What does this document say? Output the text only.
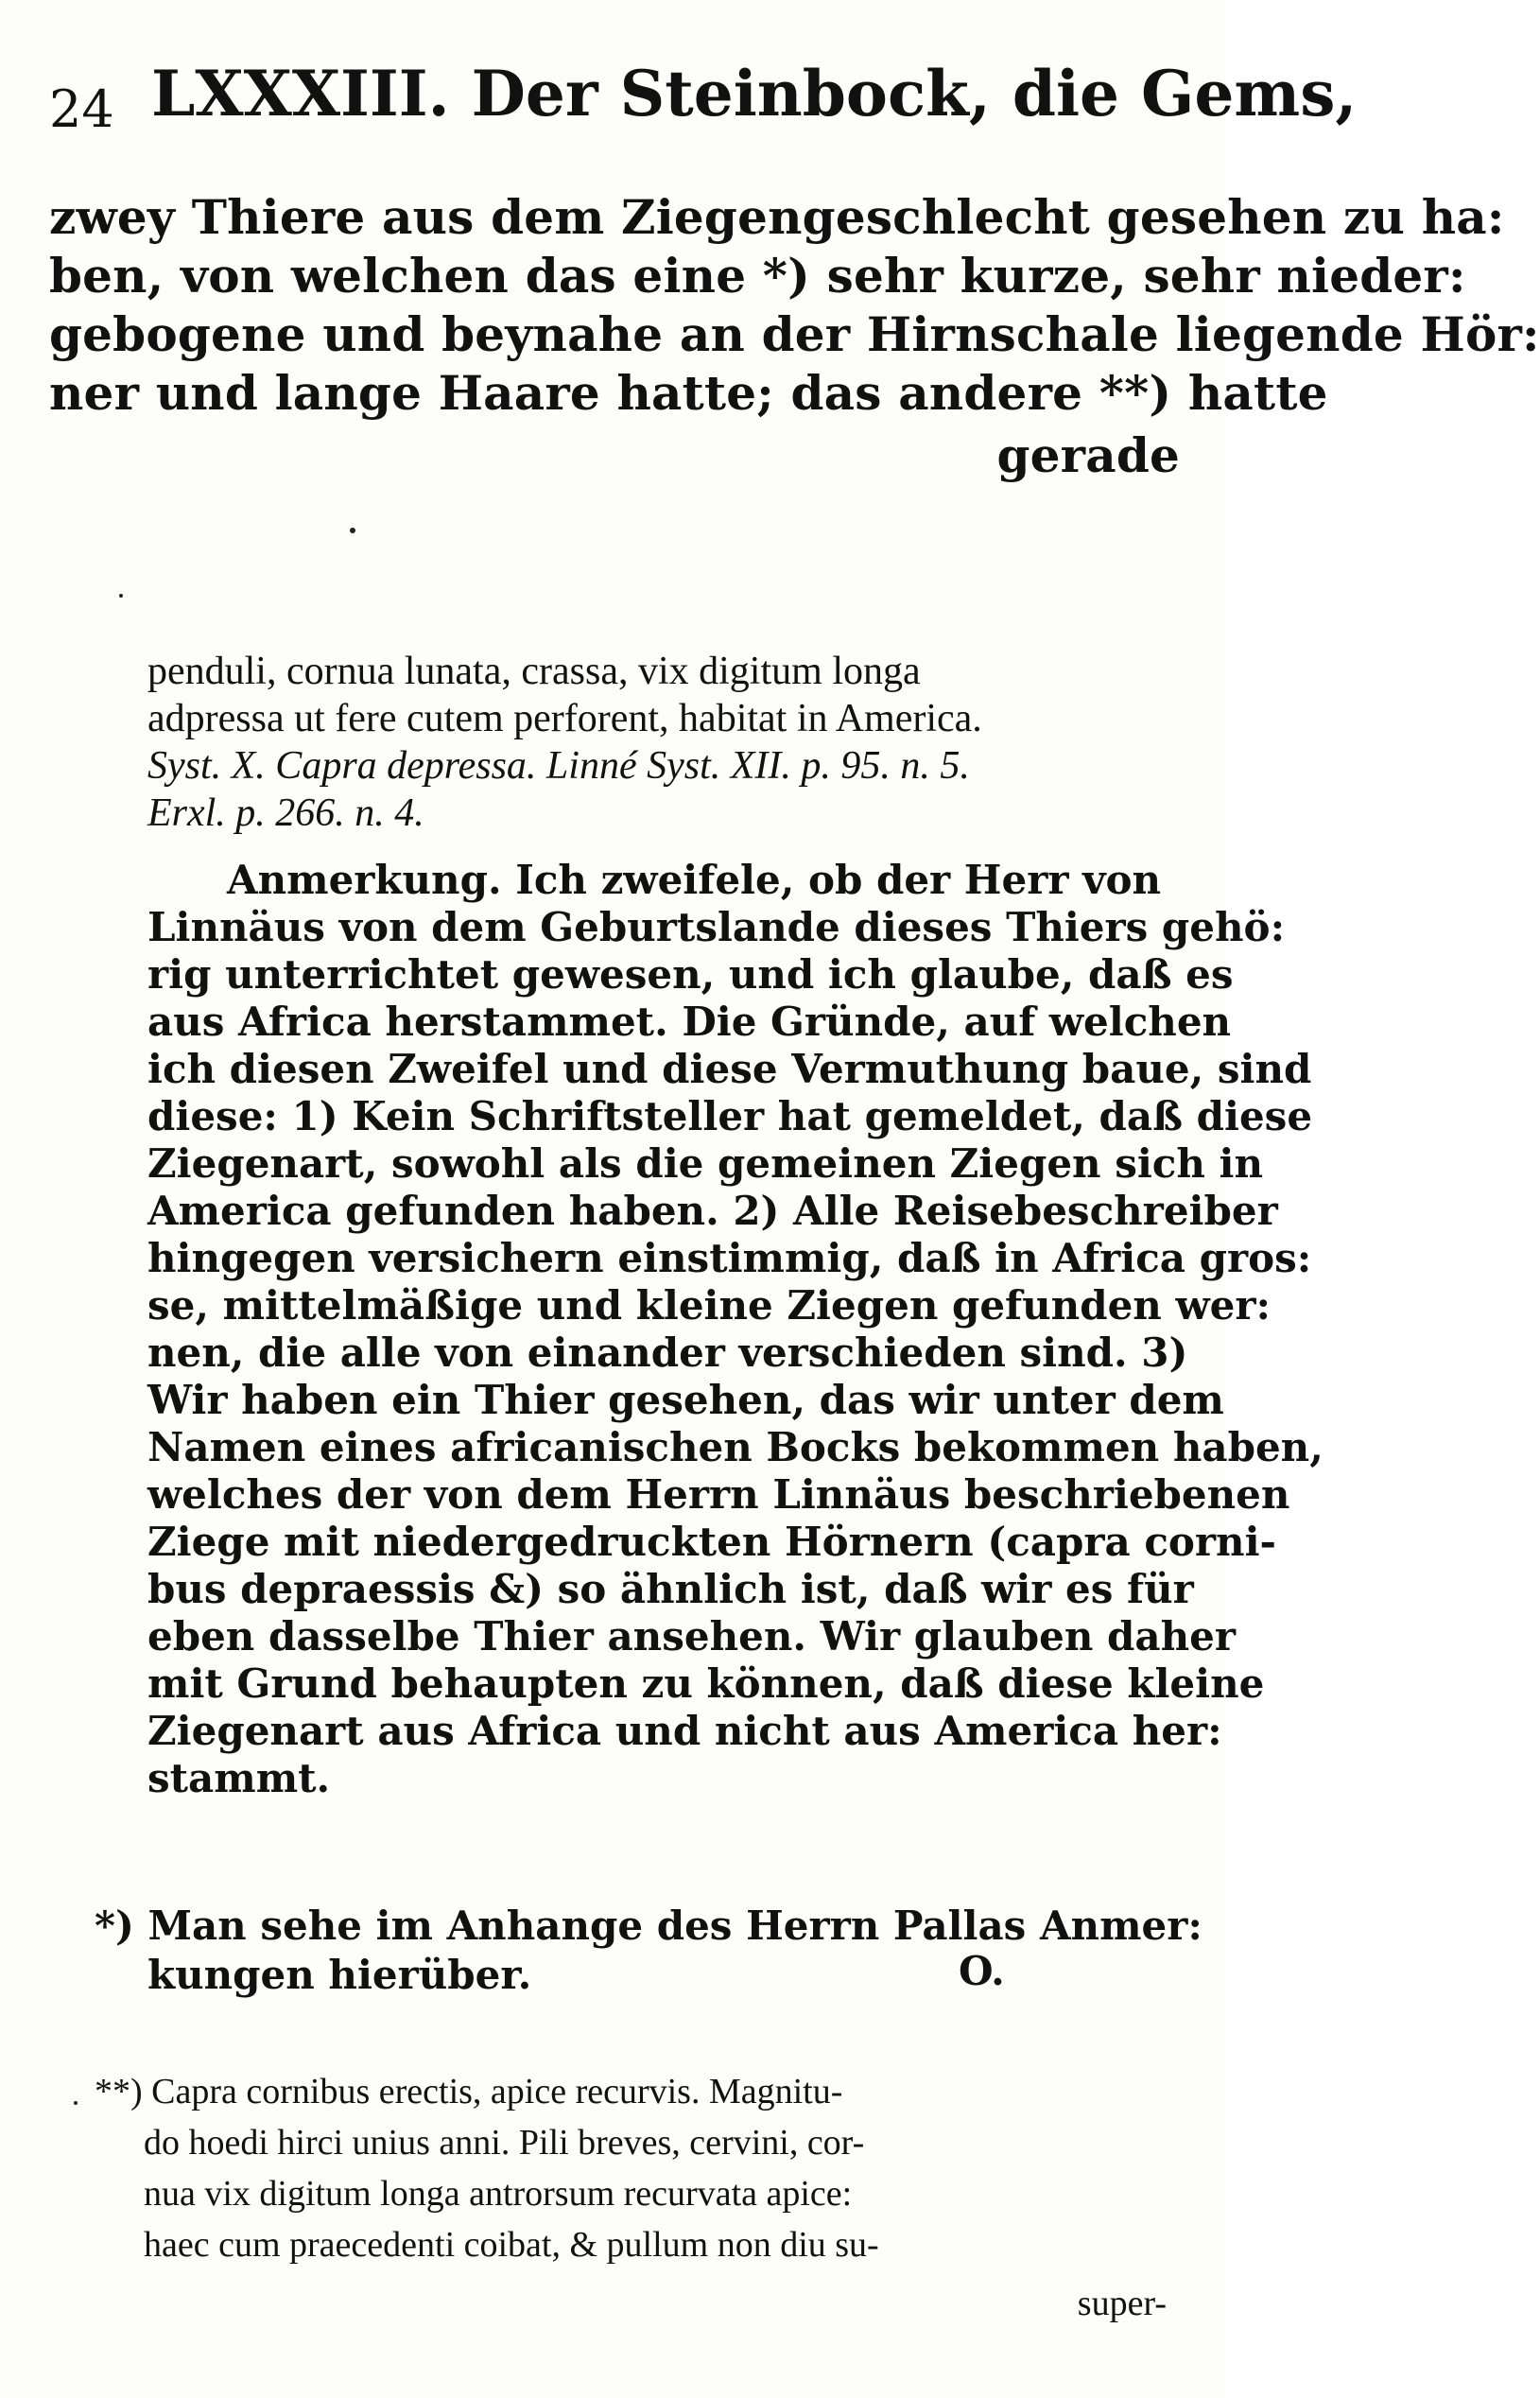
24 LXXXIII. Der Steinbock, die Gems,
zwey Thiere aus dem Ziegengeschlecht gesehen zu ha:
ben, von welchen das eine *) sehr kurze, sehr nieder:
gebogene und beynahe an der Hirnschale liegende Hör:
ner und lange Haare hatte; das andere **) hatte
gerade
penduli, cornua lunata, crassa, vix digitum longa
adpressa ut fere cutem perforent, habitat in America.
Syst. X. Capra depressa. Linné Syst. XII. p. 95. n. 5.
Erxl. p. 266. n. 4.
Anmerkung. Ich zweifele, ob der Herr von
Linnäus von dem Geburtslande dieses Thiers gehö:
rig unterrichtet gewesen, und ich glaube, daß es
aus Africa herstammet. Die Gründe, auf welchen
ich diesen Zweifel und diese Vermuthung baue, sind
diese: 1) Kein Schriftsteller hat gemeldet, daß diese
Ziegenart, sowohl als die gemeinen Ziegen sich in
America gefunden haben. 2) Alle Reisebeschreiber
hingegen versichern einstimmig, daß in Africa gros:
se, mittelmäßige und kleine Ziegen gefunden wer:
nen, die alle von einander verschieden sind. 3)
Wir haben ein Thier gesehen, das wir unter dem
Namen eines africanischen Bocks bekommen haben,
welches der von dem Herrn Linnäus beschriebenen
Ziege mit niedergedruckten Hörnern (capra corni-
bus depraessis &) so ähnlich ist, daß wir es für
eben dasselbe Thier ansehen. Wir glauben daher
mit Grund behaupten zu können, daß diese kleine
Ziegenart aus Africa und nicht aus America her:
stammt.
*) Man sehe im Anhange des Herrn Pallas Anmer:
kungen hierüber.	O.
**) Capra cornibus erectis, apice recurvis. Magnitu-
do hoedi hirci unius anni. Pili breves, cervini, cor-
nua vix digitum longa antrorsum recurvata apice:
haec cum praecedenti coibat, & pullum non diu su-
super-
